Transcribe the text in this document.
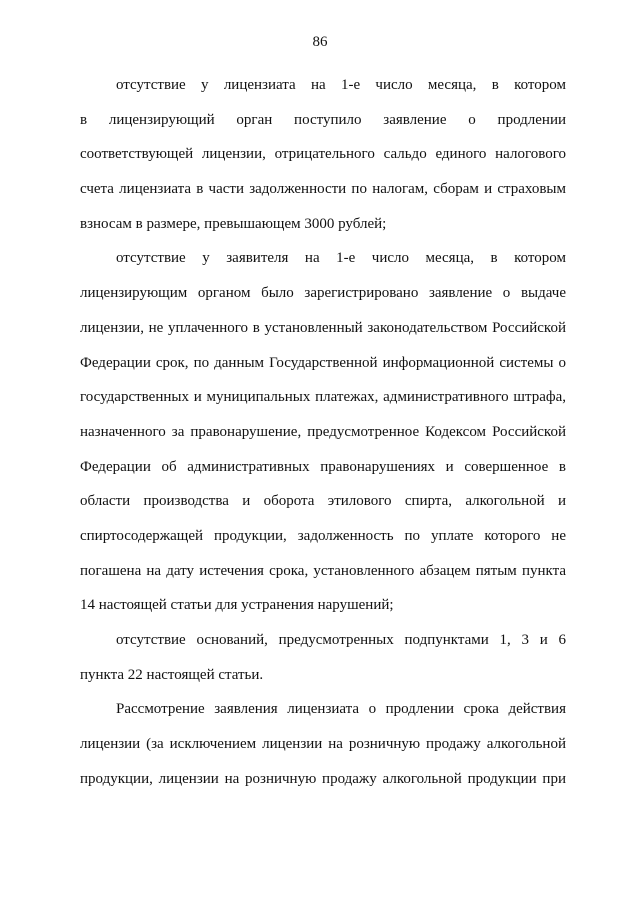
86
отсутствие у лицензиата на 1-е число месяца, в котором
в лицензирующий орган поступило заявление о продлении
соответствующей лицензии, отрицательного сальдо единого налогового
счета лицензиата в части задолженности по налогам, сборам и страховым
взносам в размере, превышающем 3000 рублей;
отсутствие у заявителя на 1-е число месяца, в котором
лицензирующим органом было зарегистрировано заявление о выдаче
лицензии, не уплаченного в установленный законодательством Российской
Федерации срок, по данным Государственной информационной системы о
государственных и муниципальных платежах, административного штрафа,
назначенного за правонарушение, предусмотренное Кодексом Российской
Федерации об административных правонарушениях и совершенное в
области производства и оборота этилового спирта, алкогольной и
спиртосодержащей продукции, задолженность по уплате которого не
погашена на дату истечения срока, установленного абзацем пятым пункта
14 настоящей статьи для устранения нарушений;
отсутствие оснований, предусмотренных подпунктами 1, 3 и 6
пункта 22 настоящей статьи.
Рассмотрение заявления лицензиата о продлении срока действия
лицензии (за исключением лицензии на розничную продажу алкогольной
продукции, лицензии на розничную продажу алкогольной продукции при
